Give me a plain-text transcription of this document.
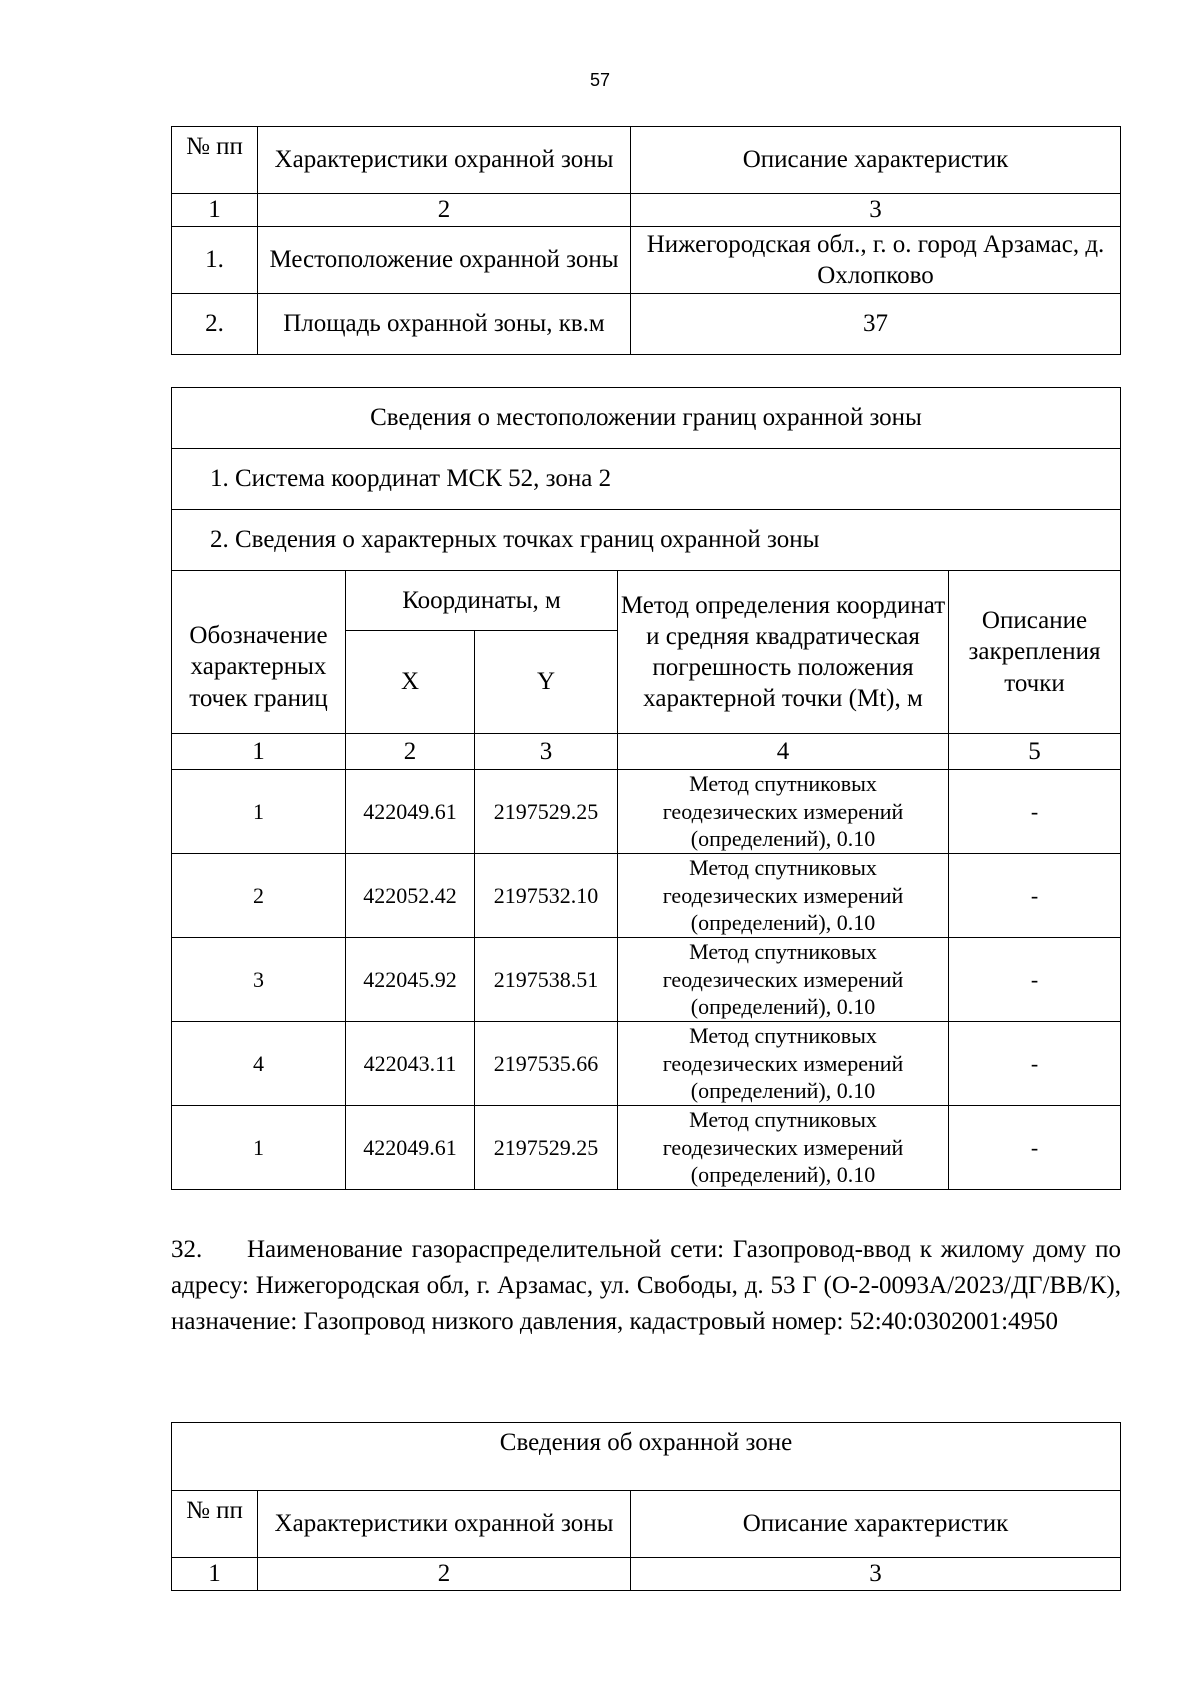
57
№ пп	Характеристики охранной зоны	Описание характеристик
1	2	3
1.	Местоположение охранной зоны	Нижегородская обл., г. о. город Арзамас, д. Охлопково
2.	Площадь охранной зоны, кв.м	37
Сведения о местоположении границ охранной зоны				
1. Система координат МСК 52, зона 2				
2. Сведения о характерных точках границ охранной зоны				
Обозначение характерных точек границ	Координаты, м		Метод определения координат и средняя квадратическая погрешность положения характерной точки (Mt), м	Описание закрепления точки
	X	Y		
1	2	3	4	5
1	422049.61	2197529.25	Метод спутниковых геодезических измерений (определений), 0.10	-
2	422052.42	2197532.10	Метод спутниковых геодезических измерений (определений), 0.10	-
3	422045.92	2197538.51	Метод спутниковых геодезических измерений (определений), 0.10	-
4	422043.11	2197535.66	Метод спутниковых геодезических измерений (определений), 0.10	-
1	422049.61	2197529.25	Метод спутниковых геодезических измерений (определений), 0.10	-
32. Наименование газораспределительной сети: Газопровод-ввод к жилому дому по адресу: Нижегородская обл, г. Арзамас, ул. Свободы, д. 53 Г (О-2-0093А/2023/ДГ/ВВ/К), назначение: Газопровод низкого давления, кадастровый номер: 52:40:0302001:4950
Сведения об охранной зоне		
№ пп	Характеристики охранной зоны	Описание характеристик
1	2	3
